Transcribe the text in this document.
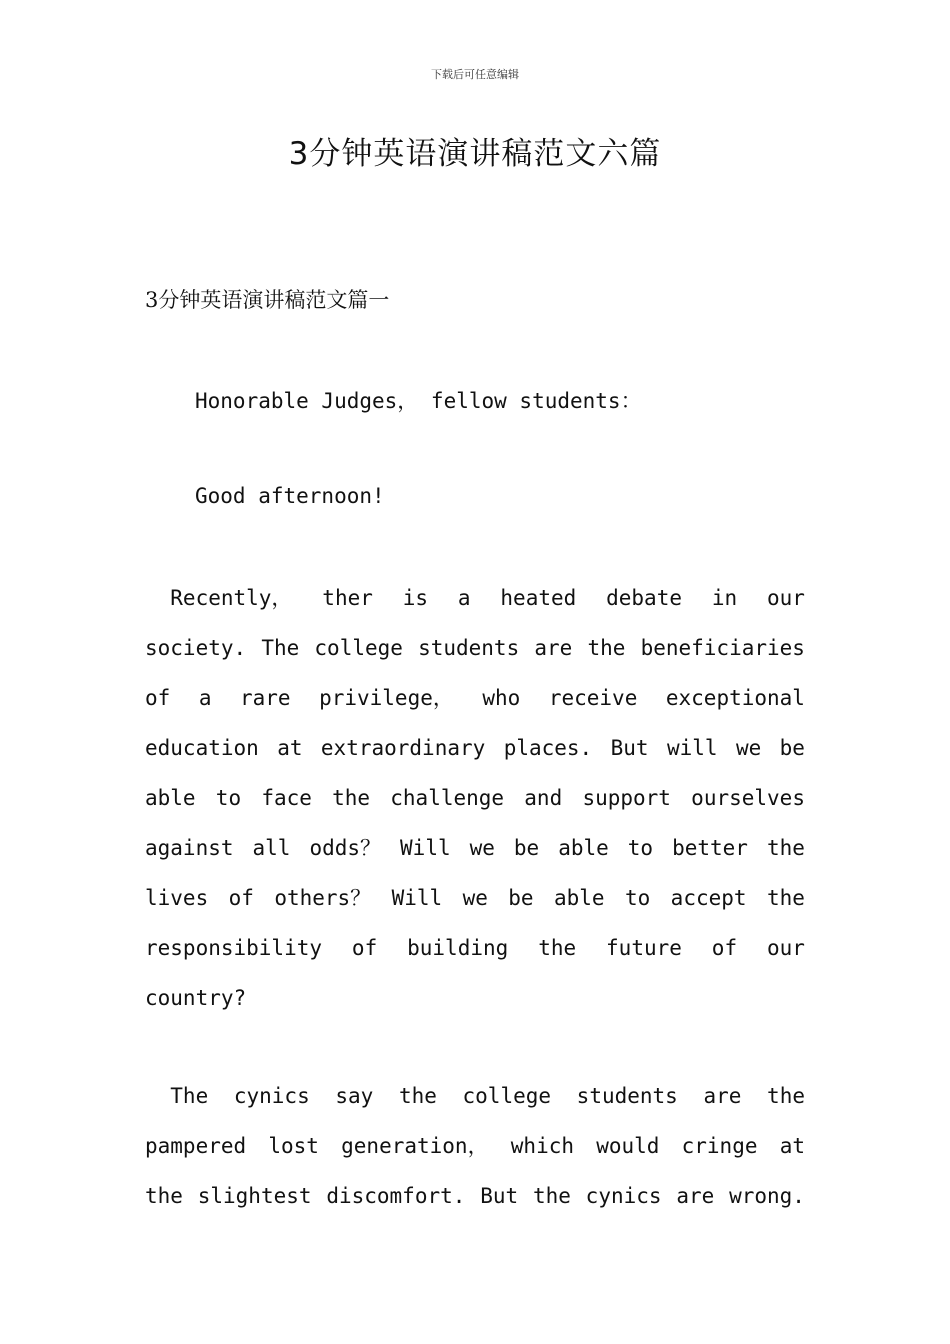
下载后可任意编辑
3分钟英语演讲稿范文六篇
3分钟英语演讲稿范文篇一
Honorable Judges， fellow students：
Good afternoon!
Recently， ther is a heated debate in our
society. The college students are the beneficiaries
of a rare privilege， who receive exceptional
education at extraordinary places. But will we be
able to face the challenge and support ourselves
against all odds？ Will we be able to better the
lives of others？ Will we be able to accept the
responsibility of building the future of our
country?
The cynics say the college students are the
pampered lost generation， which would cringe at
the slightest discomfort. But the cynics are wrong.
